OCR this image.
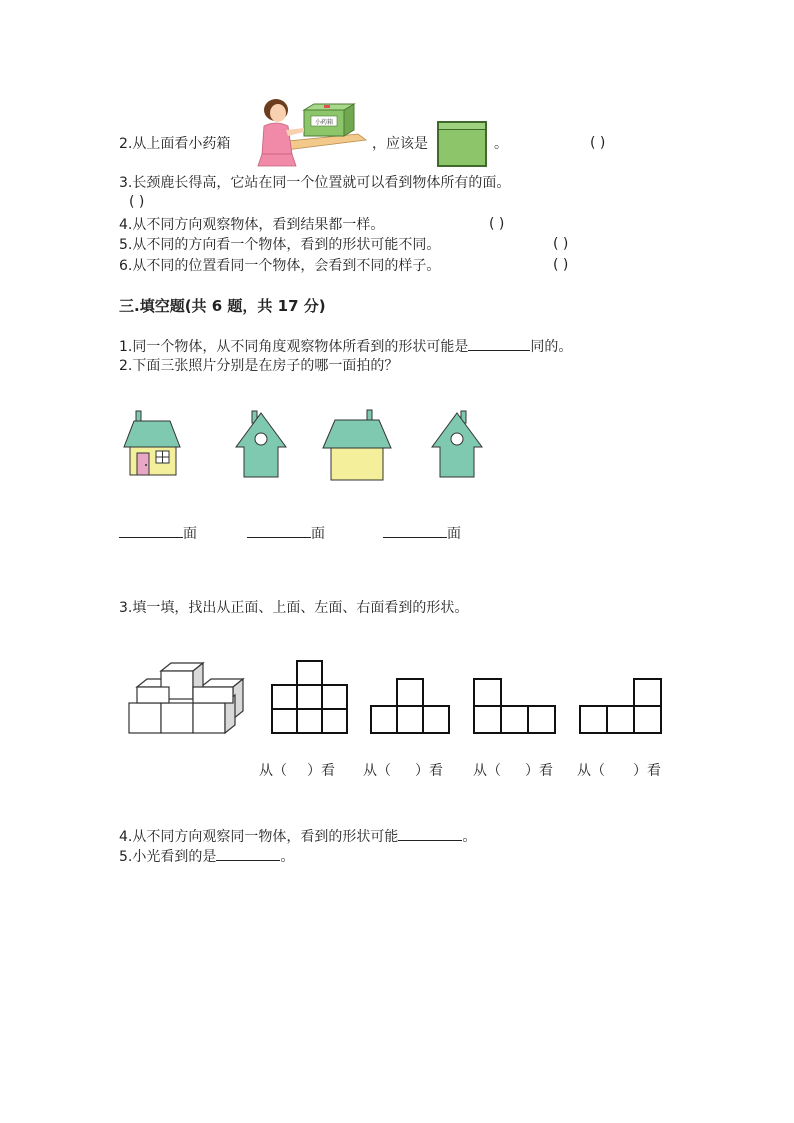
2.从上面看小药箱
小药箱
，应该是	。	( )
3.长颈鹿长得高，它站在同一个位置就可以看到物体所有的面。
( )
4.从不同方向观察物体，看到结果都一样。	( )
5.从不同的方向看一个物体，看到的形状可能不同。	( )
6.从不同的位置看同一个物体，会看到不同的样子。	( )
三.填空题(共 6 题，共 17 分)
1.同一个物体，从不同角度观察物体所看到的形状可能是	同的。
2.下面三张照片分别是在房子的哪一面拍的？
面	面	面
3.填一填，找出从正面、上面、左面、右面看到的形状。
从（ ）看 从（ ）看 从（ ）看 从（ ）看
4.从不同方向观察同一物体，看到的形状可能	。
5.小光看到的是	。
